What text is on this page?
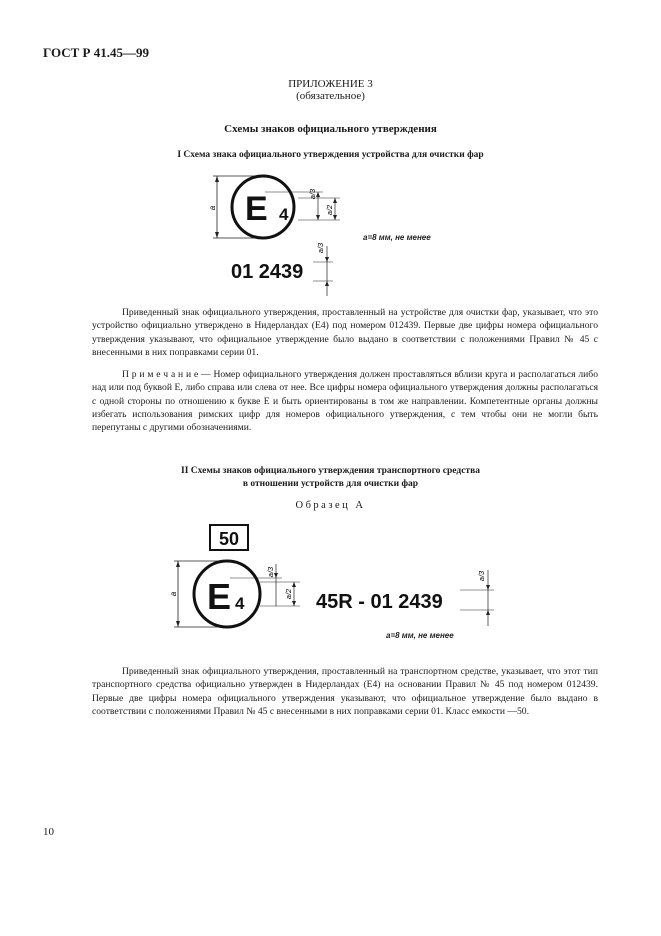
ГОСТ Р 41.45—99
ПРИЛОЖЕНИЕ 3
(обязательное)
Схемы знаков официального утверждения
I Схема знака официального утверждения устройства для очистки фар
a E 4
a/3
a/2
01 2439
a/3
a=8 мм, не менее
Приведенный знак официального утверждения, проставленный на устройстве для очистки фар, указывает, что это устройство официально утверждено в Нидерландах (Е4) под номером 012439. Первые две цифры номера официального утверждения указывают, что официальное утверждение было выдано в соответствии с положениями Правил № 45 с внесенными в них поправками серии 01.
П р и м е ч а н и е — Номер официального утверждения должен проставляться вблизи круга и располагаться либо над или под буквой Е, либо справа или слева от нее. Все цифры номера официального утверждения должны располагаться с одной стороны по отношению к букве Е и быть ориентированы в том же направлении. Компетентные органы должны избегать использования римских цифр для номеров официального утверждения, с тем чтобы они не могли быть перепутаны с другими обозначениями.
II Схемы знаков официального утверждения транспортного средства
в отношении устройств для очистки фар
Образец А
50
a E 4
a/3
a/2 45R - 01 2439
a/3
a=8 мм, не менее
Приведенный знак официального утверждения, проставленный на транспортном средстве, указывает, что этот тип транспортного средства официально утвержден в Нидерландах (Е4) на основании Правил № 45 под номером 012439. Первые две цифры номера официального утверждения указывают, что официальное утверждение было выдано в соответствии с положениями Правил № 45 с внесенными в них поправками серии 01. Класс емкости —50.
10
